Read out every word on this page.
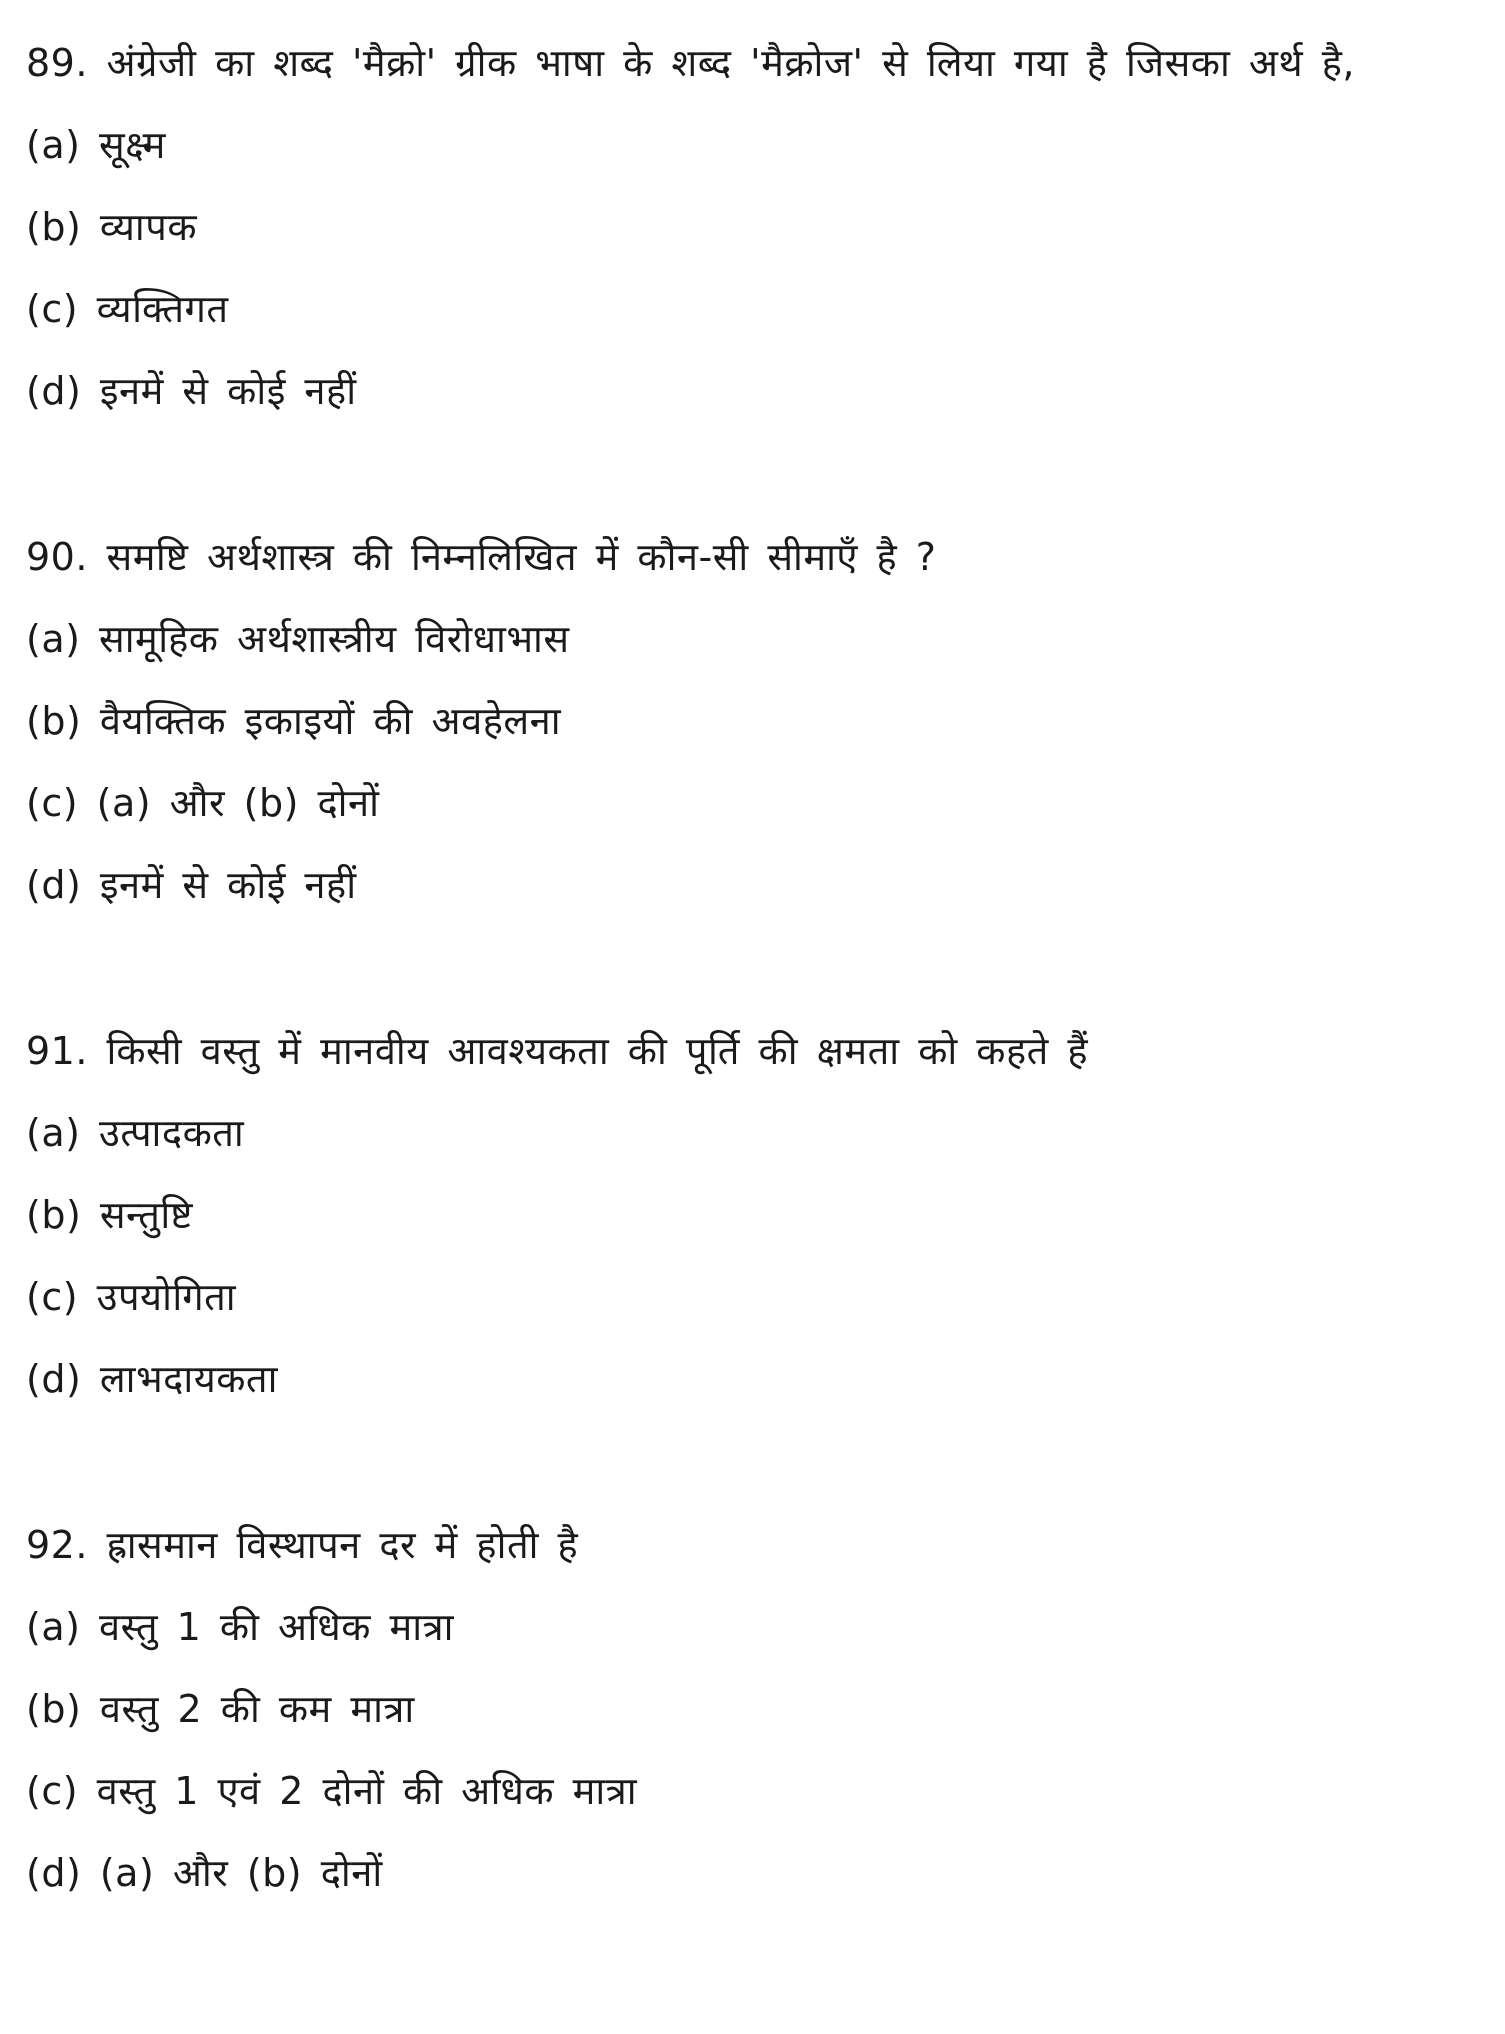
89. अंग्रेजी का शब्द 'मैक्रो' ग्रीक भाषा के शब्द 'मैक्रोज' से लिया गया है जिसका अर्थ है,
(a) सूक्ष्म
(b) व्यापक
(c) व्यक्तिगत
(d) इनमें से कोई नहीं
90. समष्टि अर्थशास्त्र की निम्नलिखित में कौन-सी सीमाएँ है ?
(a) सामूहिक अर्थशास्त्रीय विरोधाभास
(b) वैयक्तिक इकाइयों की अवहेलना
(c) (a) और (b) दोनों
(d) इनमें से कोई नहीं
91. किसी वस्तु में मानवीय आवश्यकता की पूर्ति की क्षमता को कहते हैं
(a) उत्पादकता
(b) सन्तुष्टि
(c) उपयोगिता
(d) लाभदायकता
92. ह्रासमान विस्थापन दर में होती है
(a) वस्तु 1 की अधिक मात्रा
(b) वस्तु 2 की कम मात्रा
(c) वस्तु 1 एवं 2 दोनों की अधिक मात्रा
(d) (a) और (b) दोनों
